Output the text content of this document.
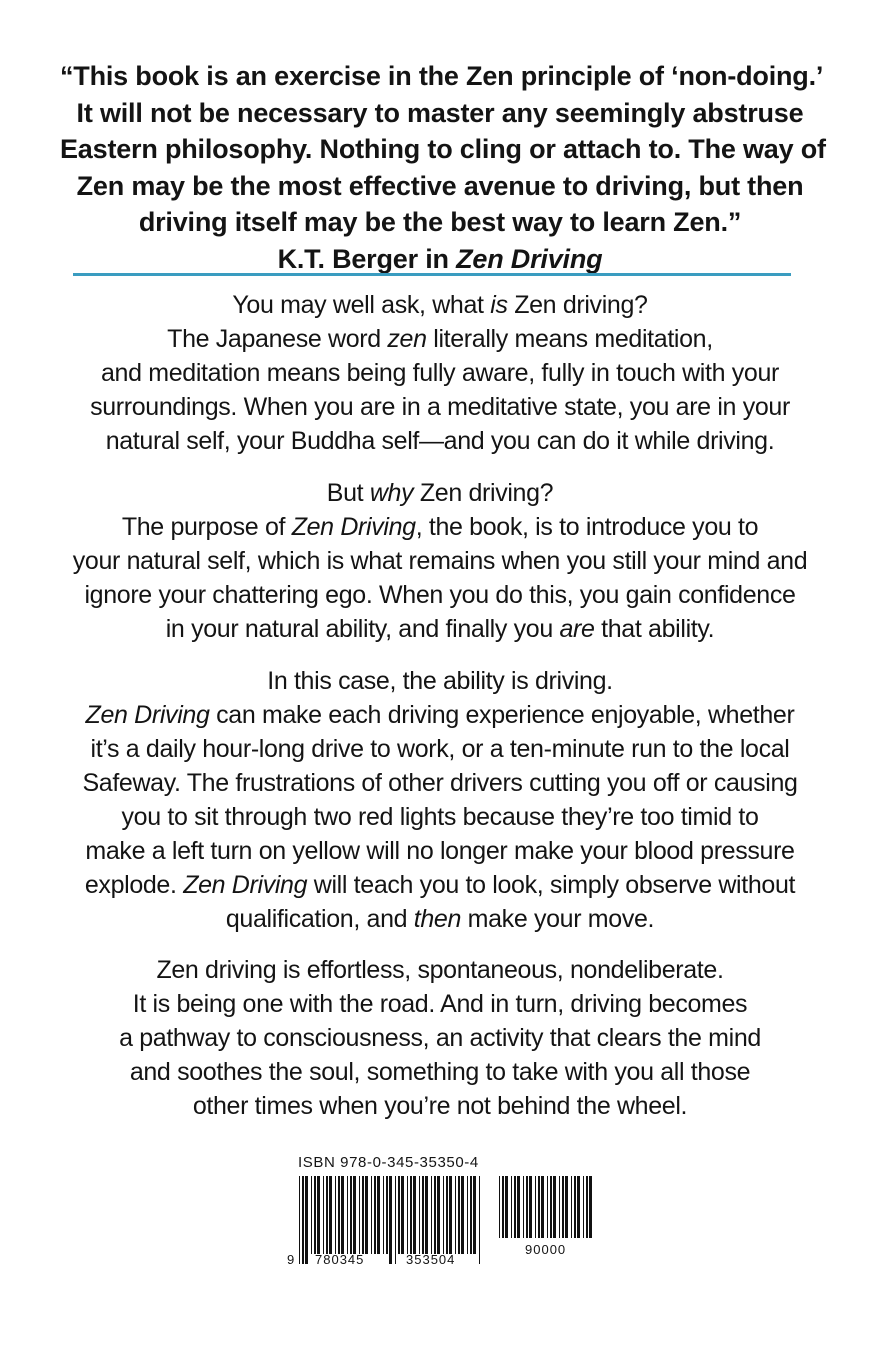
“This book is an exercise in the Zen principle of ‘non-doing.’
It will not be necessary to master any seemingly abstruse
Eastern philosophy. Nothing to cling or attach to. The way of
Zen may be the most effective avenue to driving, but then
driving itself may be the best way to learn Zen.”
K.T. Berger in Zen Driving
You may well ask, what is Zen driving?
The Japanese word zen literally means meditation,
and meditation means being fully aware, fully in touch with your
surroundings. When you are in a meditative state, you are in your
natural self, your Buddha self—and you can do it while driving.
But why Zen driving?
The purpose of Zen Driving, the book, is to introduce you to
your natural self, which is what remains when you still your mind and
ignore your chattering ego. When you do this, you gain confidence
in your natural ability, and finally you are that ability.
In this case, the ability is driving.
Zen Driving can make each driving experience enjoyable, whether
it’s a daily hour-long drive to work, or a ten-minute run to the local
Safeway. The frustrations of other drivers cutting you off or causing
you to sit through two red lights because they’re too timid to
make a left turn on yellow will no longer make your blood pressure
explode. Zen Driving will teach you to look, simply observe without
qualification, and then make your move.
Zen driving is effortless, spontaneous, nondeliberate.
It is being one with the road. And in turn, driving becomes
a pathway to consciousness, an activity that clears the mind
and soothes the soul, something to take with you all those
other times when you’re not behind the wheel.
ISBN 978-0-345-35350-4
9 780345	353504
90000
